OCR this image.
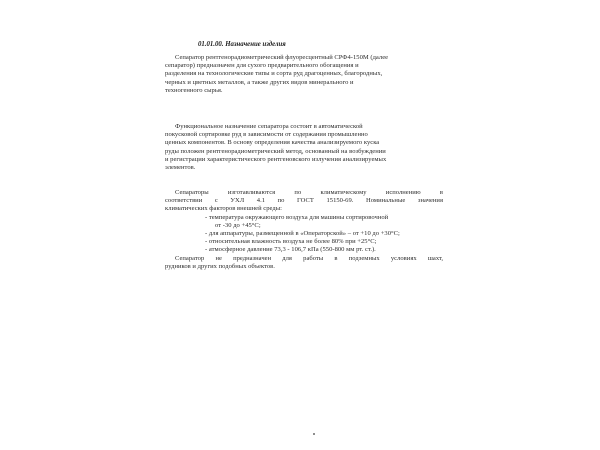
01.01.00. Назначение изделия
Сепаратор рентгенорадиометрический флуоресцентный СРФ4-150М (далее
сепаратор) предназначен для сухого предварительного обогащения и
разделения на технологические типы и сорта руд драгоценных, благородных,
черных и цветных металлов, а также других видов минерального и
техногенного сырья.
Функциональное назначение сепаратора состоит в автоматической
покусковой сортировке руд в зависимости от содержания промышленно
ценных компонентов. В основу определения качества анализируемого куска
руды положен рентгенорадиометрический метод, основанный на возбуждении
и регистрации характеристического рентгеновского излучения анализируемых
элементов.
Сепараторы изготавливаются по климатическому исполнению в
соответствии с УХЛ 4.1 по ГОСТ 15150-69. Номинальные значения
климатических факторов внешней среды:
- температура окружающего воздуха для машины сортировочной
от -30 до +45°С;
- для аппаратуры, размещенной в «Операторской» – от +10 до +30°С;
- относительная влажность воздуха не более 80% при +25°С;
- атмосферное давление 73,3 - 106,7 кПа (550-800 мм рт. ст.).
Сепаратор не предназначен для работы в подземных условиях шахт,
рудников и других подобных объектов.
